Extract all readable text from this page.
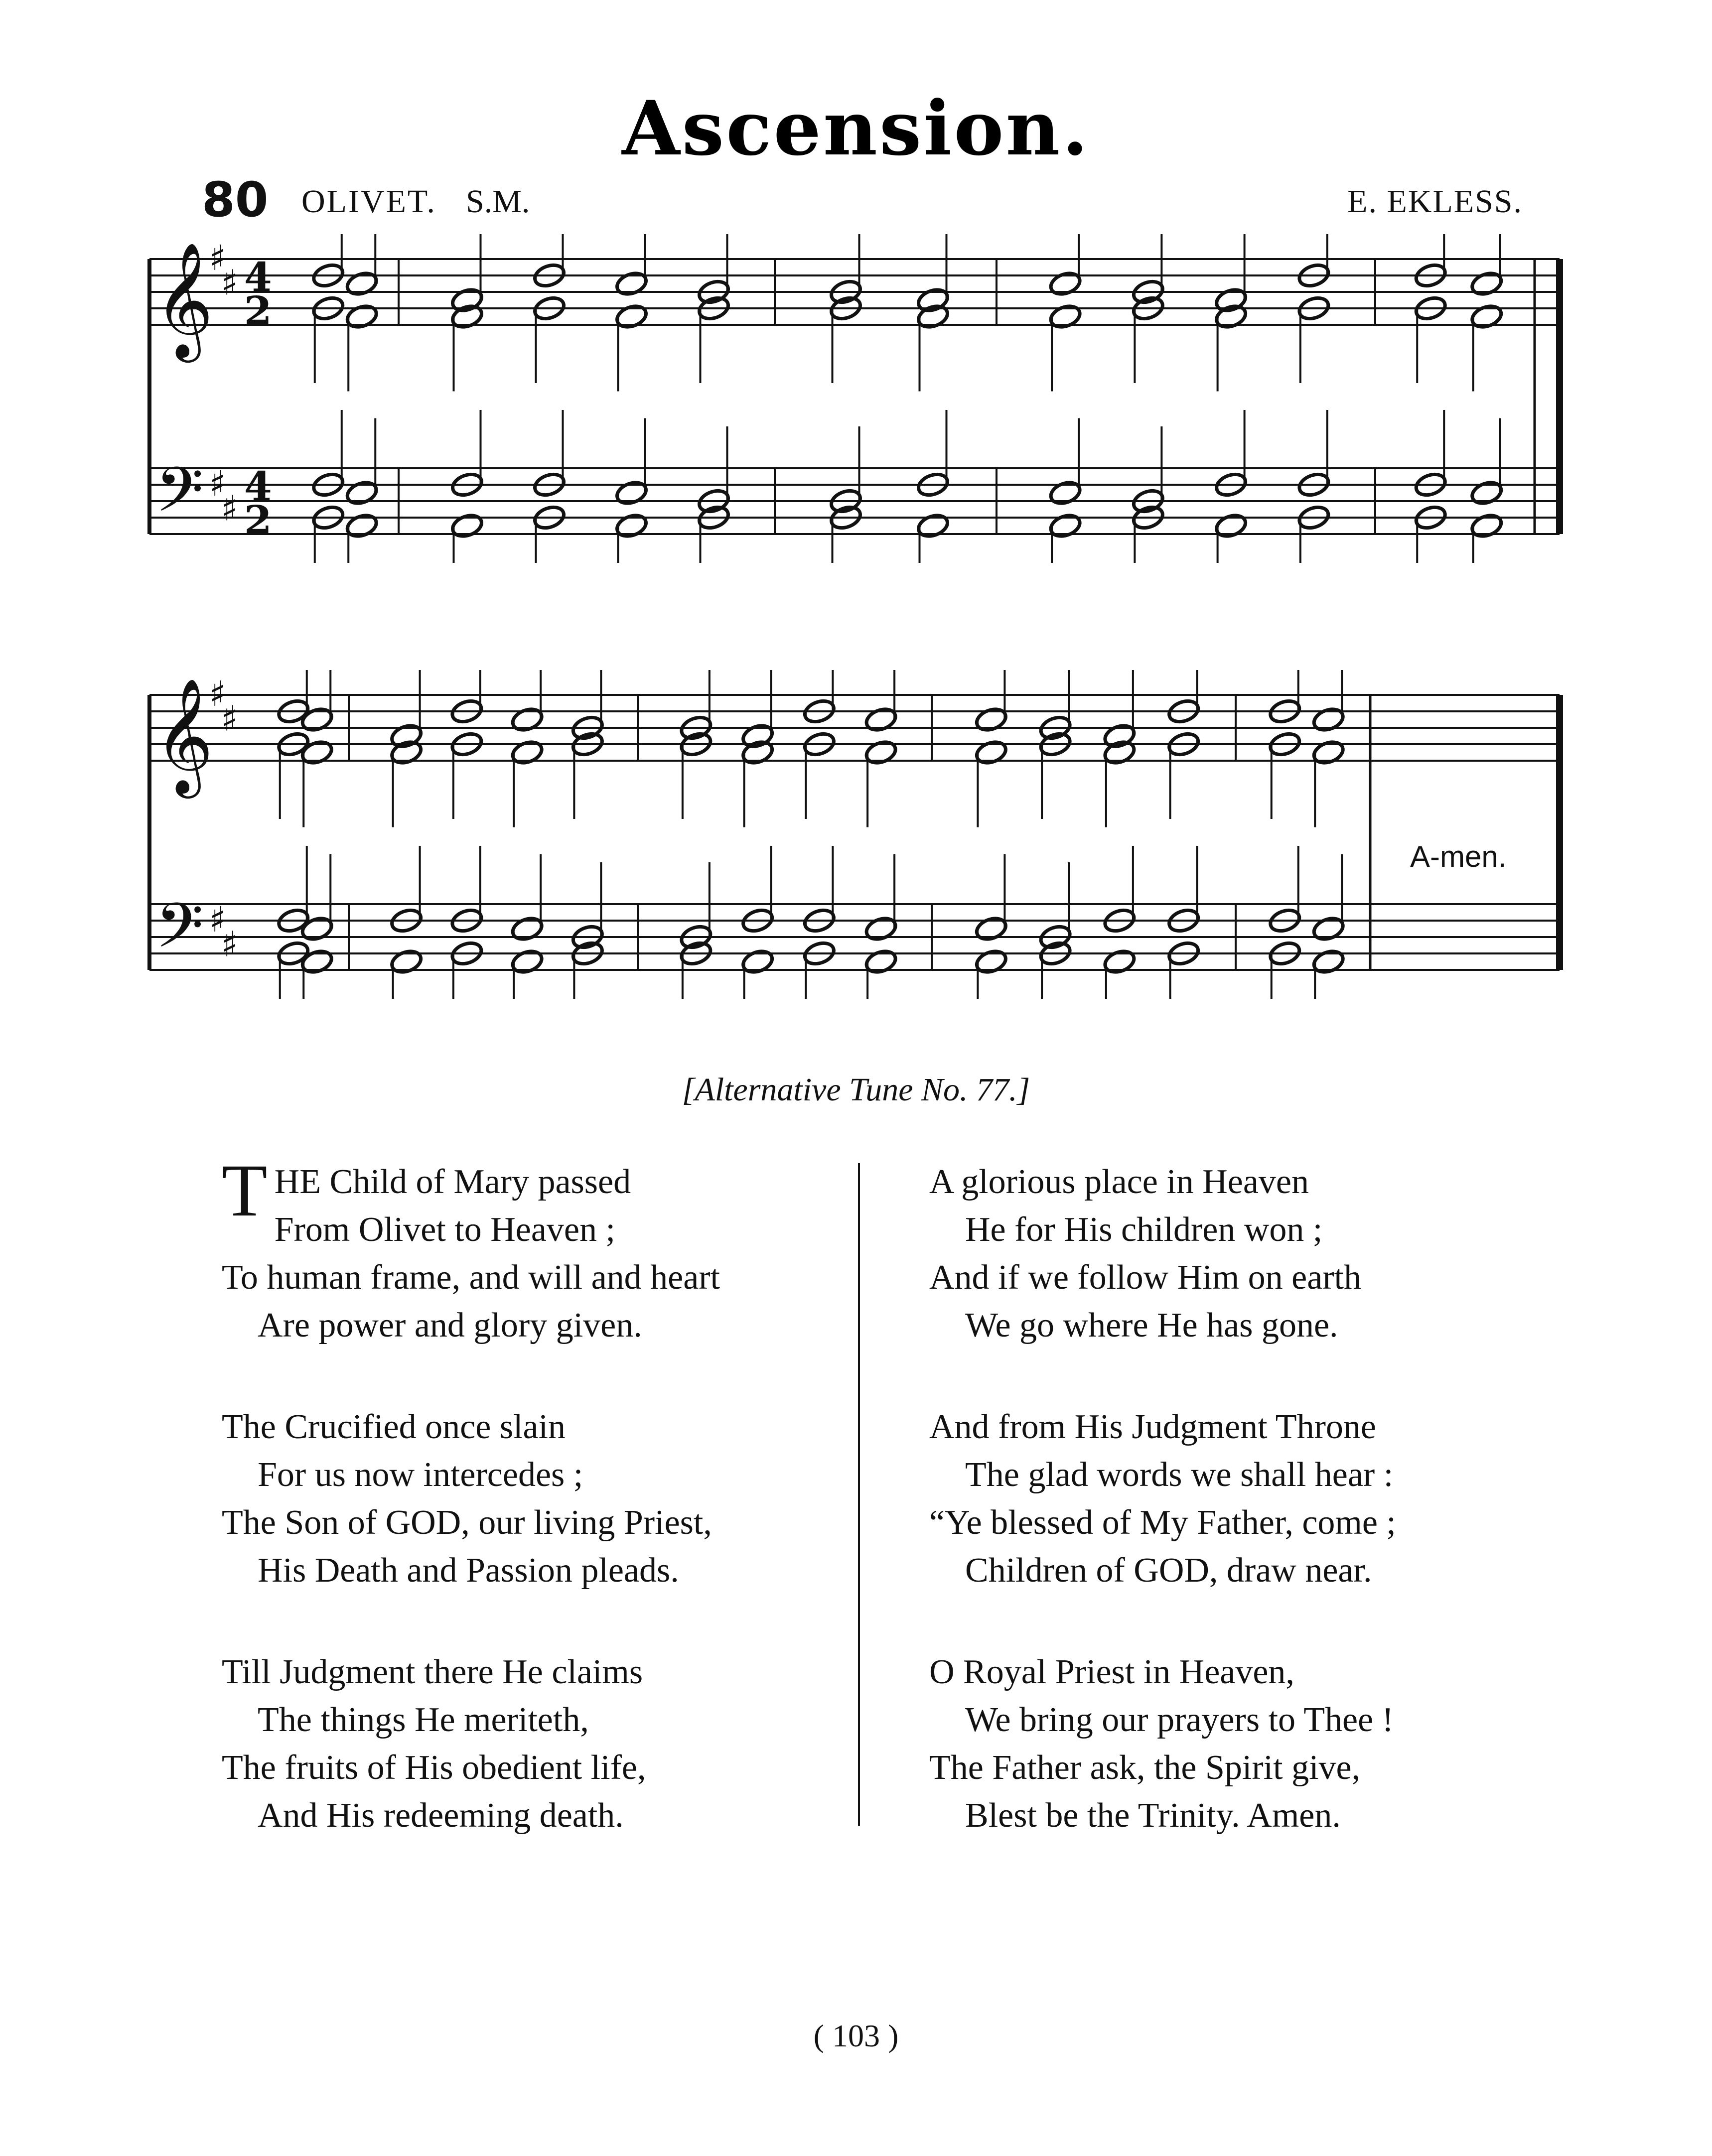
Ascension.
80 OLIVET. S.M.	E. EKLESS.
𝄞
𝄢
♯
♯
♯
♯
4
2
4
2
𝄞
𝄢
♯
♯
♯
♯
A-men.
[Alternative Tune No. 77.]
T HE Child of Mary passed
From Olivet to Heaven ;
To human frame, and will and heart
Are power and glory given.
The Crucified once slain
For us now intercedes ;
The Son of GOD, our living Priest,
His Death and Passion pleads.
Till Judgment there He claims
The things He meriteth,
The fruits of His obedient life,
And His redeeming death.
A glorious place in Heaven
He for His children won ;
And if we follow Him on earth
We go where He has gone.
And from His Judgment Throne
The glad words we shall hear :
“Ye blessed of My Father, come ;
Children of GOD, draw near.
O Royal Priest in Heaven,
We bring our prayers to Thee !
The Father ask, the Spirit give,
Blest be the Trinity. Amen.
( 103 )
